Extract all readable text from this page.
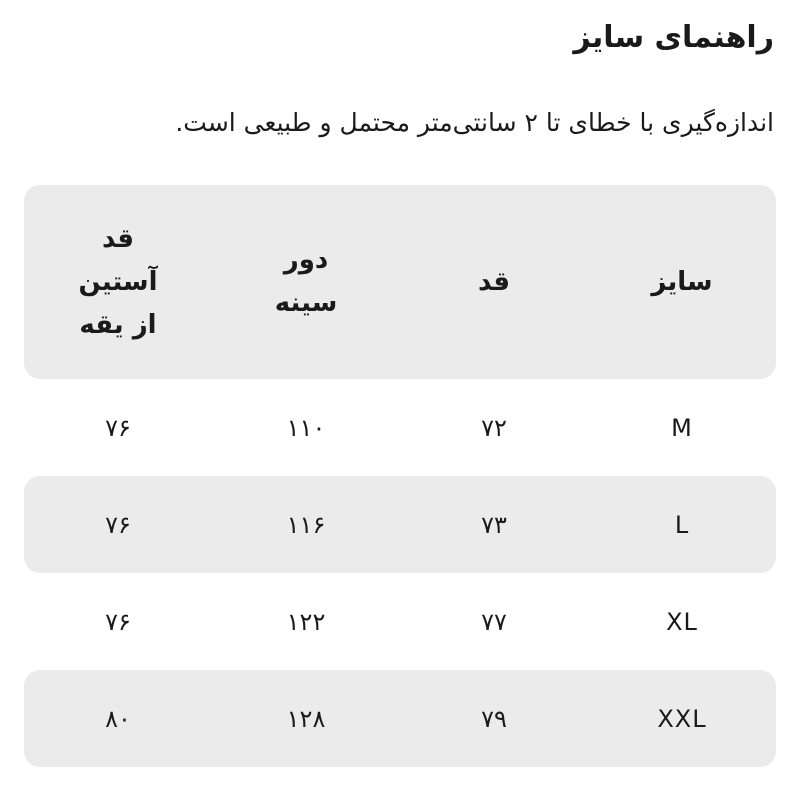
راهنمای سایز
اندازه‌گیری با خطای تا ۲ سانتی‌متر محتمل و طبیعی است.
سایز
قد
دور
سینه
قد
آستین
از یقه
M
۷۲
۱۱۰
۷۶
L
۷۳
۱۱۶
۷۶
XL
۷۷
۱۲۲
۷۶
XXL
۷۹
۱۲۸
۸۰
